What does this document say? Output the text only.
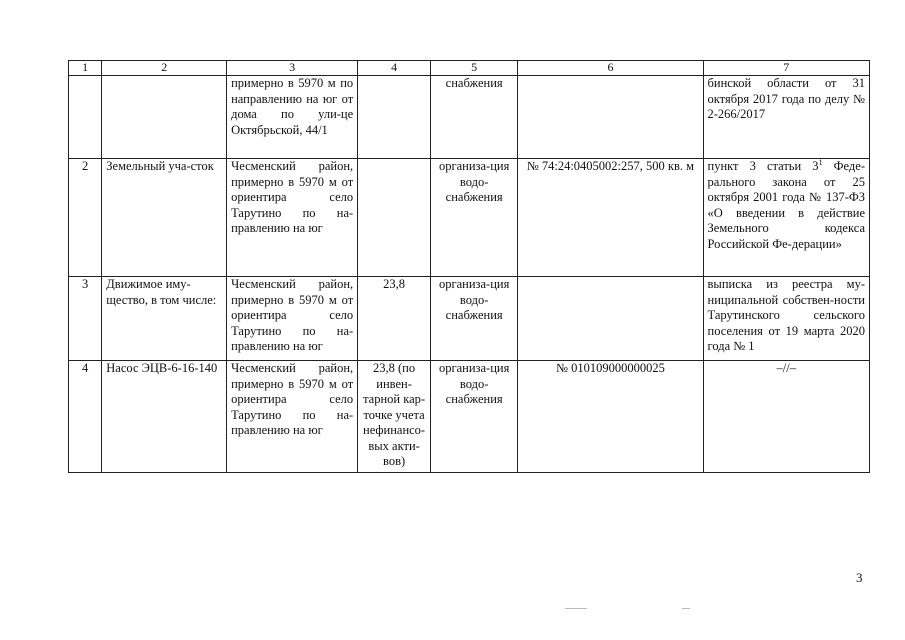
1	2	3	4	5	6	7
		примерно в 5970 м по направлению на юг от дома по ули-це Октябрьской, 44/1		снабжения		бинской области от 31 октября 2017 года по делу № 2-266/2017
2	Земельный уча-сток	Чесменский район, примерно в 5970 м от ориентира село Тарутино по на-правлению на юг		организа-ция водо-снабжения	№ 74:24:0405002:257, 500 кв. м	пункт 3 статьи $3^1$ Феде-рального закона от 25 октября 2001 года № 137-ФЗ «О введении в действие Земельного кодекса Российской Фе-дерации»
3	Движимое иму-щество, в том числе:	Чесменский район, примерно в 5970 м от ориентира село Тарутино по на-правлению на юг	23,8	организа-ция водо-снабжения		выписка из реестра му-ниципальной собствен-ности Тарутинского сельского поселения от 19 марта 2020 года № 1
4	Насос ЭЦВ-6-16-140	Чесменский район, примерно в 5970 м от ориентира село Тарутино по на-правлению на юг	23,8 (по инвен-тарной кар-точке учета нефинансо-вых акти-вов)	организа-ция водо-снабжения	№ 010109000000025	–//–
3
